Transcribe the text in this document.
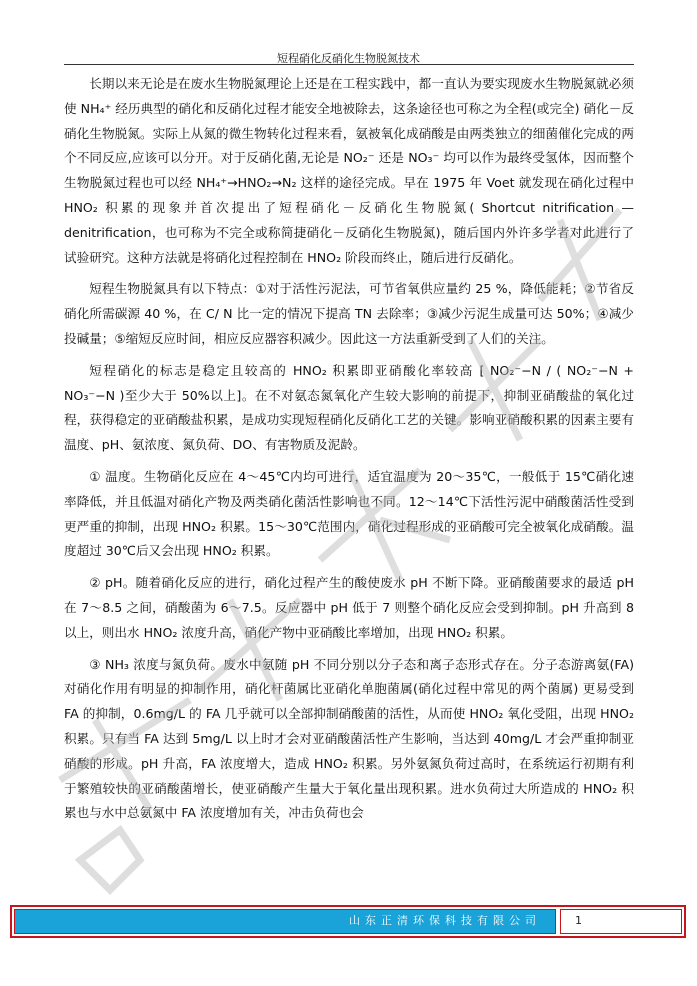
短程硝化反硝化生物脱氮技术

长期以来无论是在废水生物脱氮理论上还是在工程实践中，都一直认为要实现废水生物脱氮就必须使 NH₄⁺ 经历典型的硝化和反硝化过程才能安全地被除去，这条途径也可称之为全程(或完全) 硝化－反硝化生物脱氮。实际上从氮的微生物转化过程来看，氨被氧化成硝酸是由两类独立的细菌催化完成的两个不同反应,应该可以分开。对于反硝化菌,无论是 NO₂⁻ 还是 NO₃⁻ 均可以作为最终受氢体，因而整个生物脱氮过程也可以经 NH₄⁺→HNO₂→N₂ 这样的途径完成。早在 1975 年 Voet 就发现在硝化过程中 HNO₂ 积累的现象并首次提出了短程硝化－反硝化生物脱氮( Shortcut nitrification —denitrification，也可称为不完全或称简捷硝化－反硝化生物脱氮)，随后国内外许多学者对此进行了试验研究。这种方法就是将硝化过程控制在 HNO₂ 阶段而终止，随后进行反硝化。

短程生物脱氮具有以下特点：①对于活性污泥法，可节省氧供应量约 25 %，降低能耗；②节省反硝化所需碳源 40 %，在 C/ N 比一定的情况下提高 TN 去除率；③减少污泥生成量可达 50%；④减少投碱量；⑤缩短反应时间，相应反应器容积减少。因此这一方法重新受到了人们的关注。

短程硝化的标志是稳定且较高的 HNO₂ 积累即亚硝酸化率较高 [ NO₂⁻−N / ( NO₂⁻−N + NO₃⁻−N )至少大于 50%以上]。在不对氨态氮氧化产生较大影响的前提下，抑制亚硝酸盐的氧化过程，获得稳定的亚硝酸盐积累，是成功实现短程硝化反硝化工艺的关键。影响亚硝酸积累的因素主要有温度、pH、氨浓度、氮负荷、DO、有害物质及泥龄。

① 温度。生物硝化反应在 4～45℃内均可进行，适宜温度为 20～35℃，一般低于 15℃硝化速率降低，并且低温对硝化产物及两类硝化菌活性影响也不同。12～14℃下活性污泥中硝酸菌活性受到更严重的抑制，出现 HNO₂ 积累。15～30℃范围内，硝化过程形成的亚硝酸可完全被氧化成硝酸。温度超过 30℃后又会出现 HNO₂ 积累。

② pH。随着硝化反应的进行，硝化过程产生的酸使废水 pH 不断下降。亚硝酸菌要求的最适 pH 在 7～8.5 之间，硝酸菌为 6～7.5。反应器中 pH 低于 7 则整个硝化反应会受到抑制。pH 升高到 8 以上，则出水 HNO₂ 浓度升高，硝化产物中亚硝酸比率增加，出现 HNO₂ 积累。

③ NH₃ 浓度与氮负荷。废水中氨随 pH 不同分别以分子态和离子态形式存在。分子态游离氨(FA)对硝化作用有明显的抑制作用，硝化杆菌属比亚硝化单胞菌属(硝化过程中常见的两个菌属) 更易受到 FA 的抑制，0.6mg/L 的 FA 几乎就可以全部抑制硝酸菌的活性，从而使 HNO₂ 氧化受阻，出现 HNO₂ 积累。只有当 FA 达到 5mg/L 以上时才会对亚硝酸菌活性产生影响，当达到 40mg/L 才会严重抑制亚硝酸的形成。pH 升高，FA 浓度增大，造成 HNO₂ 积累。另外氨氮负荷过高时，在系统运行初期有利于繁殖较快的亚硝酸菌增长，使亚硝酸产生量大于氧化量出现积累。进水负荷过大所造成的 HNO₂ 积累也与水中总氨氮中 FA 浓度增加有关，冲击负荷也会

山东正清环保科技有限公司	1
